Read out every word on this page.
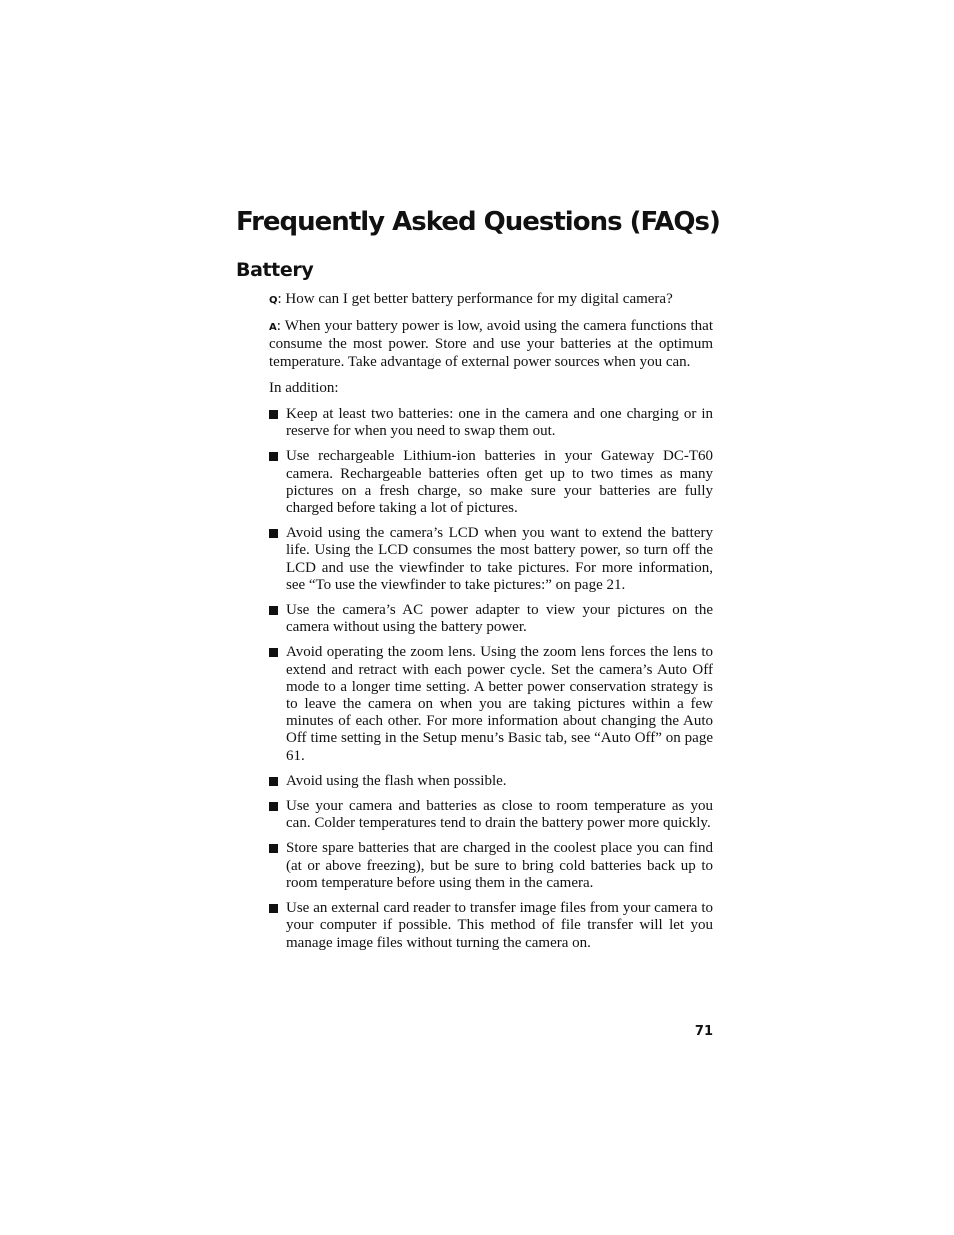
Frequently Asked Questions (FAQs)
Battery

Q: How can I get better battery performance for my digital camera?

A: When your battery power is low, avoid using the camera functions that consume the most power. Store and use your batteries at the optimum temperature. Take advantage of external power sources when you can.

In addition:

Keep at least two batteries: one in the camera and one charging or in reserve for when you need to swap them out.
Use rechargeable Lithium-ion batteries in your Gateway DC-T60 camera. Rechargeable batteries often get up to two times as many pictures on a fresh charge, so make sure your batteries are fully charged before taking a lot of pictures.
Avoid using the camera’s LCD when you want to extend the battery life. Using the LCD consumes the most battery power, so turn off the LCD and use the viewfinder to take pictures. For more information, see “To use the viewfinder to take pictures:” on page 21.
Use the camera’s AC power adapter to view your pictures on the camera without using the battery power.
Avoid operating the zoom lens. Using the zoom lens forces the lens to extend and retract with each power cycle. Set the camera’s Auto Off mode to a longer time setting. A better power conservation strategy is to leave the camera on when you are taking pictures within a few minutes of each other. For more information about changing the Auto Off time setting in the Setup menu’s Basic tab, see “Auto Off” on page 61.
Avoid using the flash when possible.
Use your camera and batteries as close to room temperature as you can. Colder temperatures tend to drain the battery power more quickly.
Store spare batteries that are charged in the coolest place you can find (at or above freezing), but be sure to bring cold batteries back up to room temperature before using them in the camera.
Use an external card reader to transfer image files from your camera to your computer if possible. This method of file transfer will let you manage image files without turning the camera on.
71
